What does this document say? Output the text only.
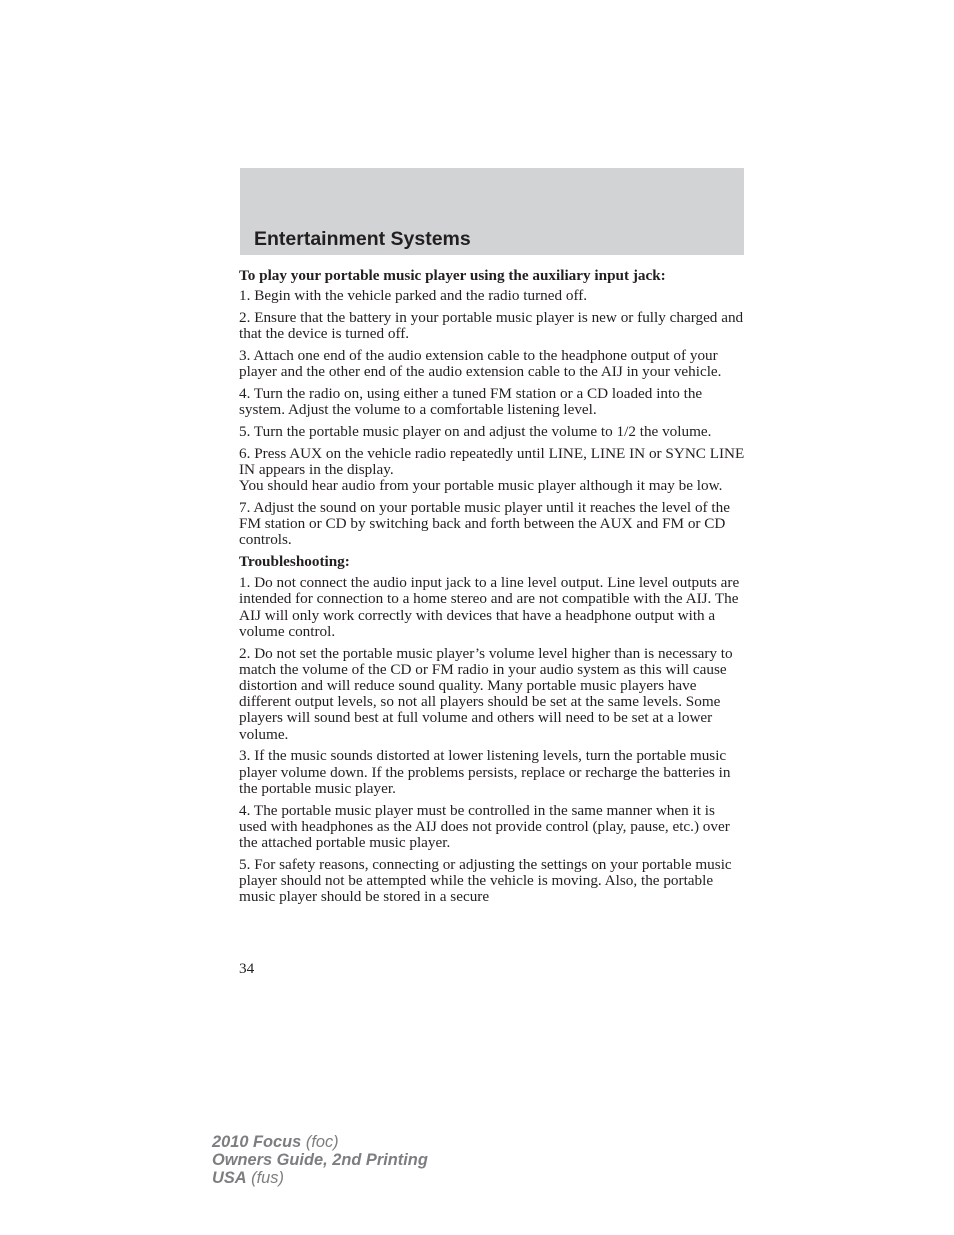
Entertainment Systems

To play your portable music player using the auxiliary input jack:

1. Begin with the vehicle parked and the radio turned off.

2. Ensure that the battery in your portable music player is new or fully charged and that the device is turned off.

3. Attach one end of the audio extension cable to the headphone output of your player and the other end of the audio extension cable to the AIJ in your vehicle.

4. Turn the radio on, using either a tuned FM station or a CD loaded into the system. Adjust the volume to a comfortable listening level.

5. Turn the portable music player on and adjust the volume to 1/2 the volume.

6. Press AUX on the vehicle radio repeatedly until LINE, LINE IN or SYNC LINE IN appears in the display.

You should hear audio from your portable music player although it may be low.

7. Adjust the sound on your portable music player until it reaches the level of the FM station or CD by switching back and forth between the AUX and FM or CD controls.

Troubleshooting:

1. Do not connect the audio input jack to a line level output. Line level outputs are intended for connection to a home stereo and are not compatible with the AIJ. The AIJ will only work correctly with devices that have a headphone output with a volume control.

2. Do not set the portable music player’s volume level higher than is necessary to match the volume of the CD or FM radio in your audio system as this will cause distortion and will reduce sound quality. Many portable music players have different output levels, so not all players should be set at the same levels. Some players will sound best at full volume and others will need to be set at a lower volume.

3. If the music sounds distorted at lower listening levels, turn the portable music player volume down. If the problems persists, replace or recharge the batteries in the portable music player.

4. The portable music player must be controlled in the same manner when it is used with headphones as the AIJ does not provide control (play, pause, etc.) over the attached portable music player.

5. For safety reasons, connecting or adjusting the settings on your portable music player should not be attempted while the vehicle is moving. Also, the portable music player should be stored in a secure

34
2010 Focus (foc)
Owners Guide, 2nd Printing
USA (fus)
